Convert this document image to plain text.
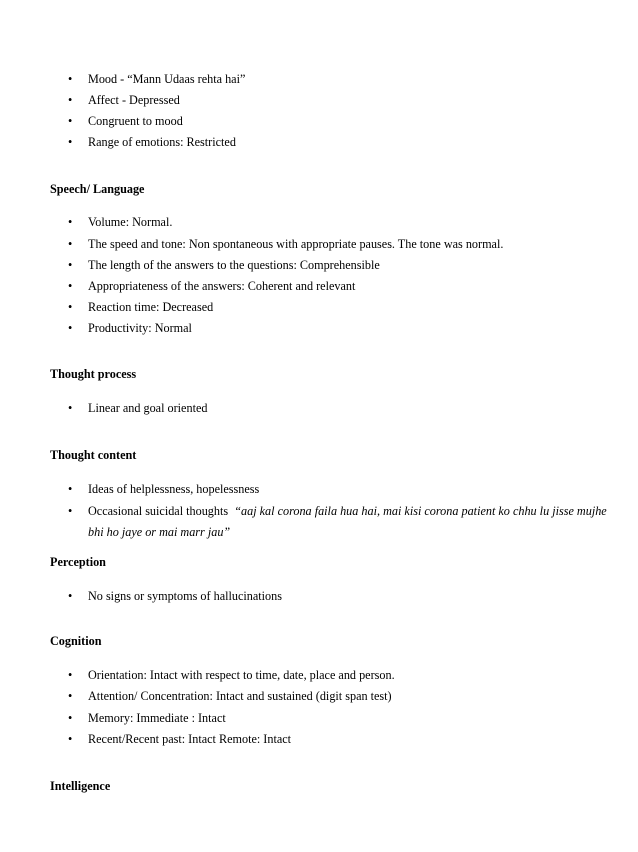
•	Mood - “Mann Udaas rehta hai”
•	Affect - Depressed
•	Congruent to mood
•	Range of emotions: Restricted
Speech/ Language
•	Volume: Normal.
•	The speed and tone: Non spontaneous with appropriate pauses. The tone was normal.
•	The length of the answers to the questions: Comprehensible
•	Appropriateness of the answers: Coherent and relevant
•	Reaction time: Decreased
•	Productivity: Normal
Thought process
•	Linear and goal oriented
Thought content
•	Ideas of helplessness, hopelessness
•	Occasional suicidal thoughts “aaj kal corona faila hua hai, mai kisi corona patient ko chhu lu jisse mujhe bhi ho jaye or mai marr jau”
Perception
•	No signs or symptoms of hallucinations
Cognition
•	Orientation: Intact with respect to time, date, place and person.
•	Attention/ Concentration: Intact and sustained (digit span test)
•	Memory: Immediate : Intact
•	Recent/Recent past: Intact Remote: Intact
Intelligence
